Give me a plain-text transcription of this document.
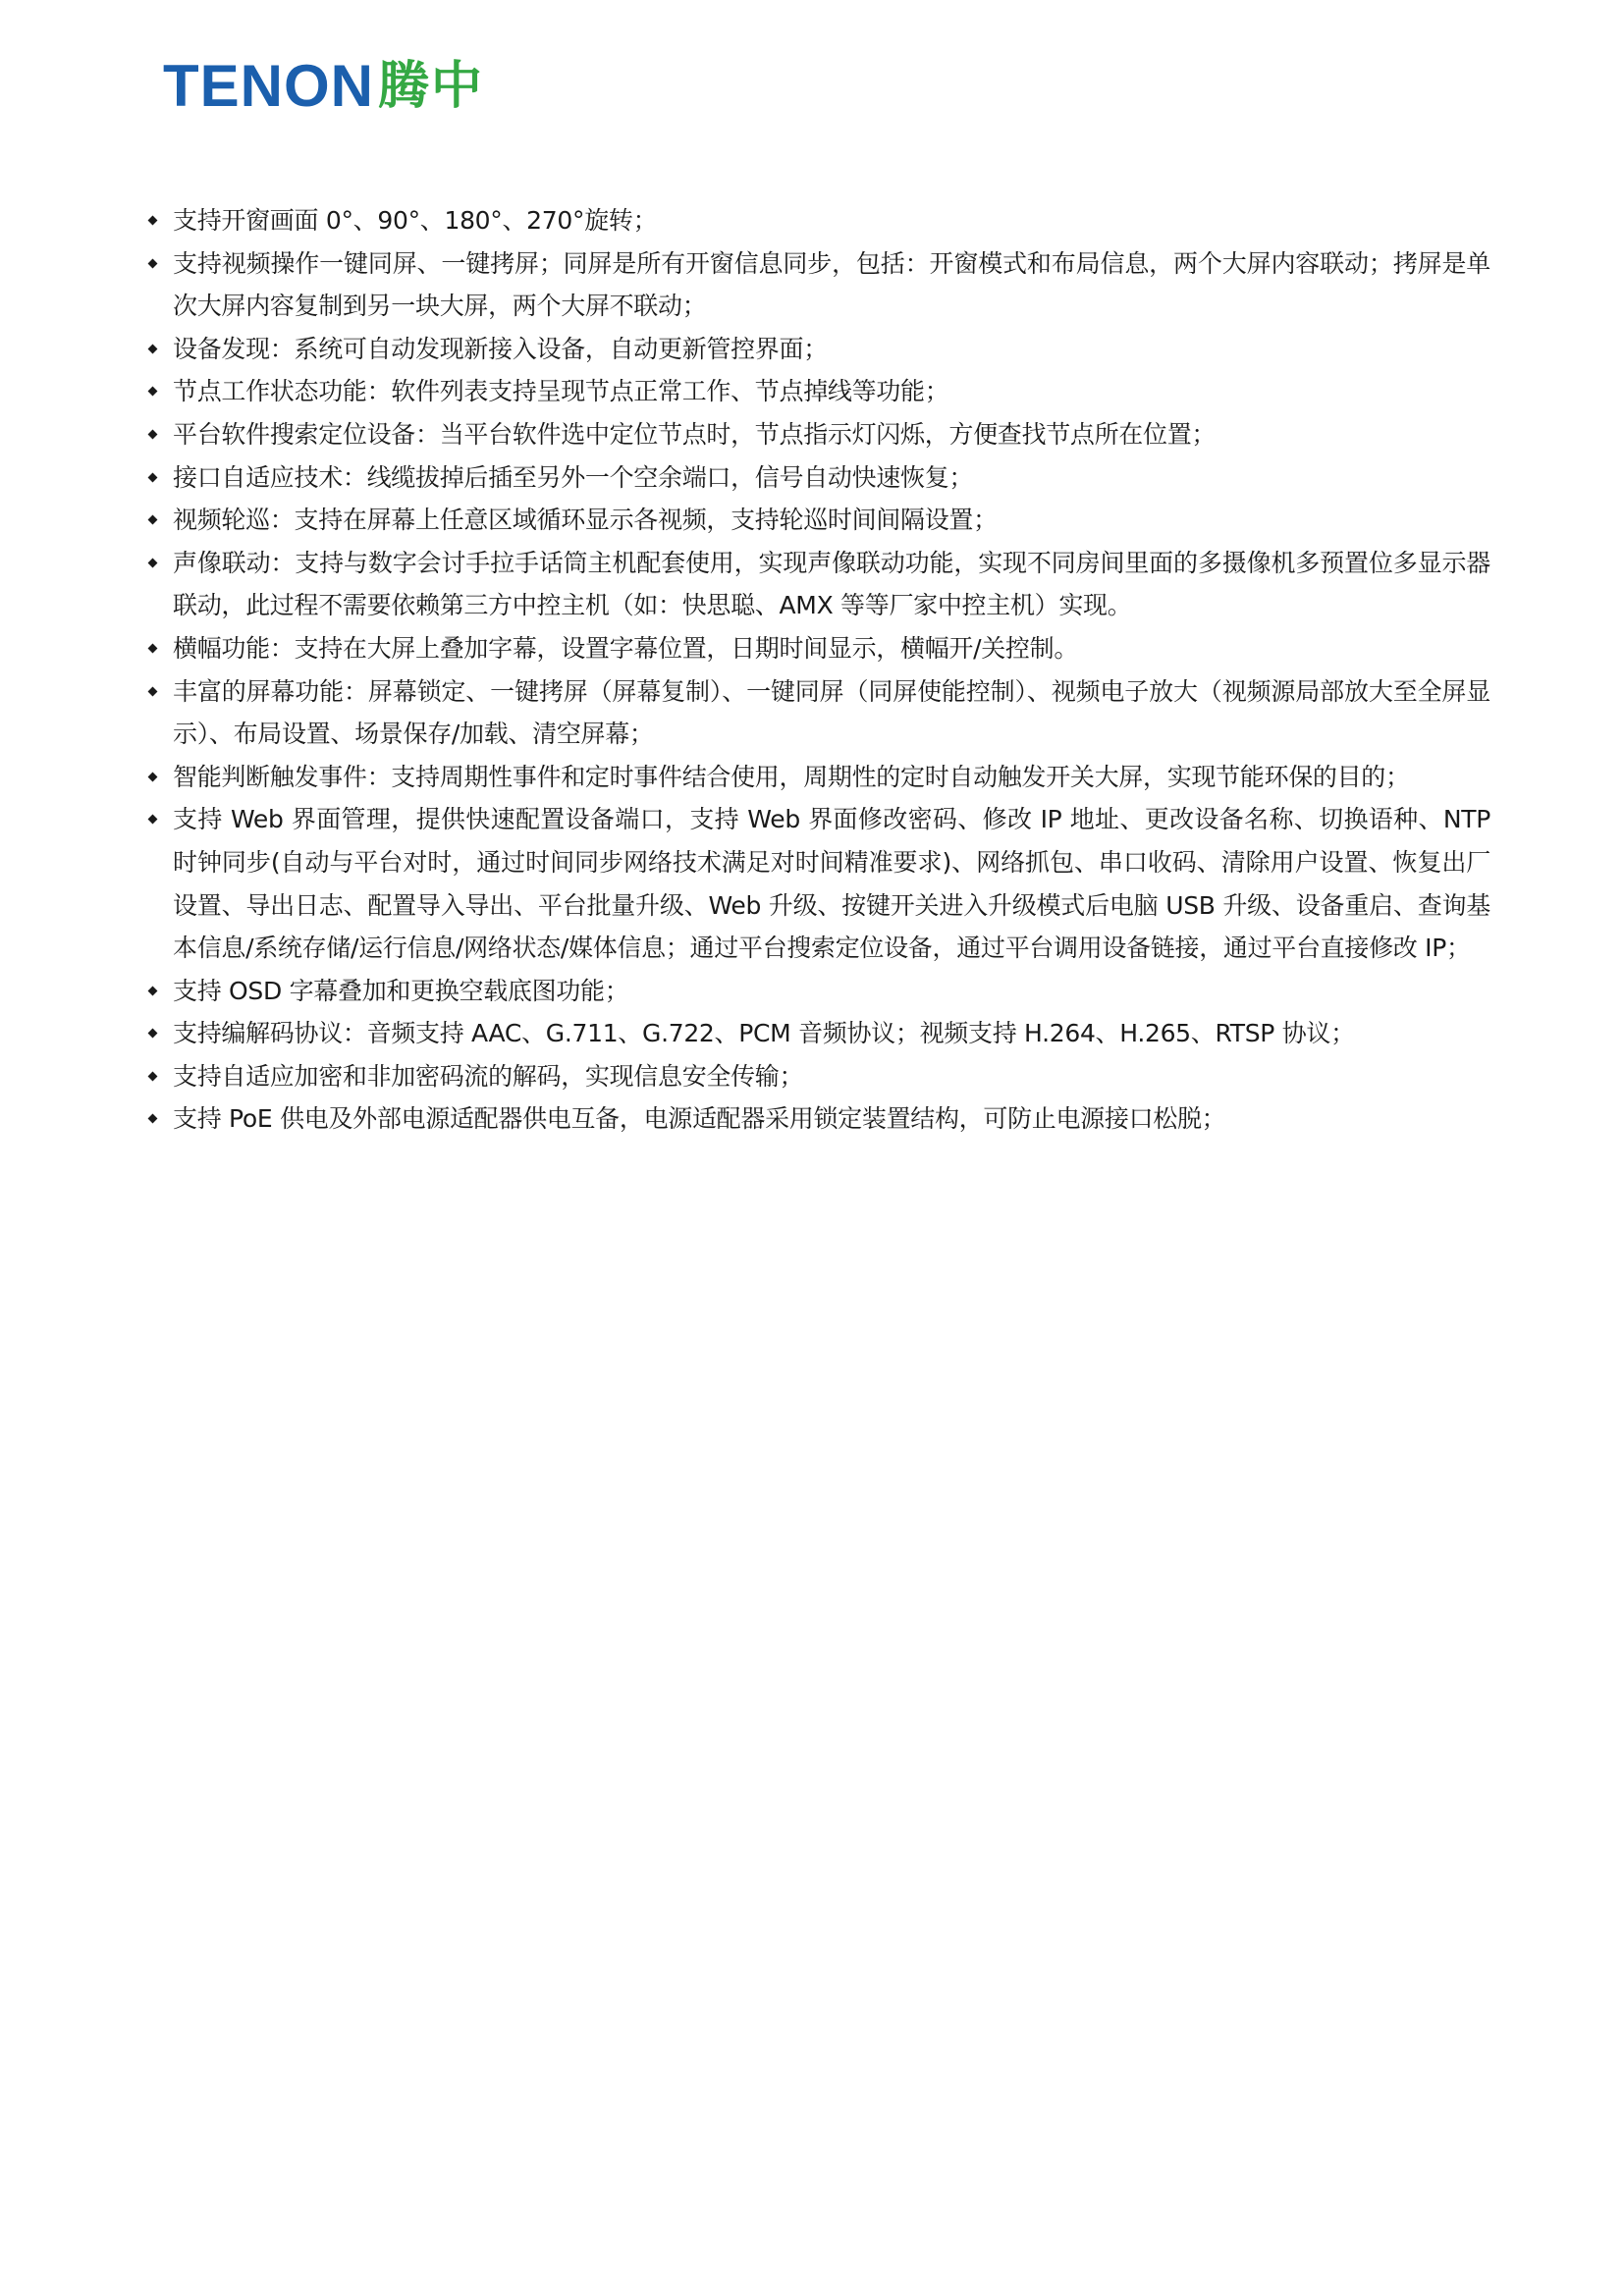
TENON 腾中
支持开窗画面 0°、90°、180°、270°旋转；
支持视频操作一键同屏、一键拷屏；同屏是所有开窗信息同步，包括：开窗模式和布局信息，两个大屏内容联动；拷屏是单次大屏内容复制到另一块大屏，两个大屏不联动；
设备发现：系统可自动发现新接入设备，自动更新管控界面；
节点工作状态功能：软件列表支持呈现节点正常工作、节点掉线等功能；
平台软件搜索定位设备：当平台软件选中定位节点时，节点指示灯闪烁，方便查找节点所在位置；
接口自适应技术：线缆拔掉后插至另外一个空余端口，信号自动快速恢复；
视频轮巡：支持在屏幕上任意区域循环显示各视频，支持轮巡时间间隔设置；
声像联动：支持与数字会讨手拉手话筒主机配套使用，实现声像联动功能，实现不同房间里面的多摄像机多预置位多显示器联动，此过程不需要依赖第三方中控主机（如：快思聪、AMX 等等厂家中控主机）实现。
横幅功能：支持在大屏上叠加字幕，设置字幕位置，日期时间显示，横幅开/关控制。
丰富的屏幕功能：屏幕锁定、一键拷屏（屏幕复制）、一键同屏（同屏使能控制）、视频电子放大（视频源局部放大至全屏显示）、布局设置、场景保存/加载、清空屏幕；
智能判断触发事件：支持周期性事件和定时事件结合使用，周期性的定时自动触发开关大屏，实现节能环保的目的；
支持 Web 界面管理，提供快速配置设备端口，支持 Web 界面修改密码、修改 IP 地址、更改设备名称、切换语种、NTP 时钟同步(自动与平台对时，通过时间同步网络技术满足对时间精准要求)、网络抓包、串口收码、清除用户设置、恢复出厂设置、导出日志、配置导入导出、平台批量升级、Web 升级、按键开关进入升级模式后电脑 USB 升级、设备重启、查询基本信息/系统存储/运行信息/网络状态/媒体信息；通过平台搜索定位设备，通过平台调用设备链接，通过平台直接修改 IP；
支持 OSD 字幕叠加和更换空载底图功能；
支持编解码协议：音频支持 AAC、G.711、G.722、PCM 音频协议；视频支持 H.264、H.265、RTSP 协议；
支持自适应加密和非加密码流的解码，实现信息安全传输；
支持 PoE 供电及外部电源适配器供电互备，电源适配器采用锁定装置结构，可防止电源接口松脱；
